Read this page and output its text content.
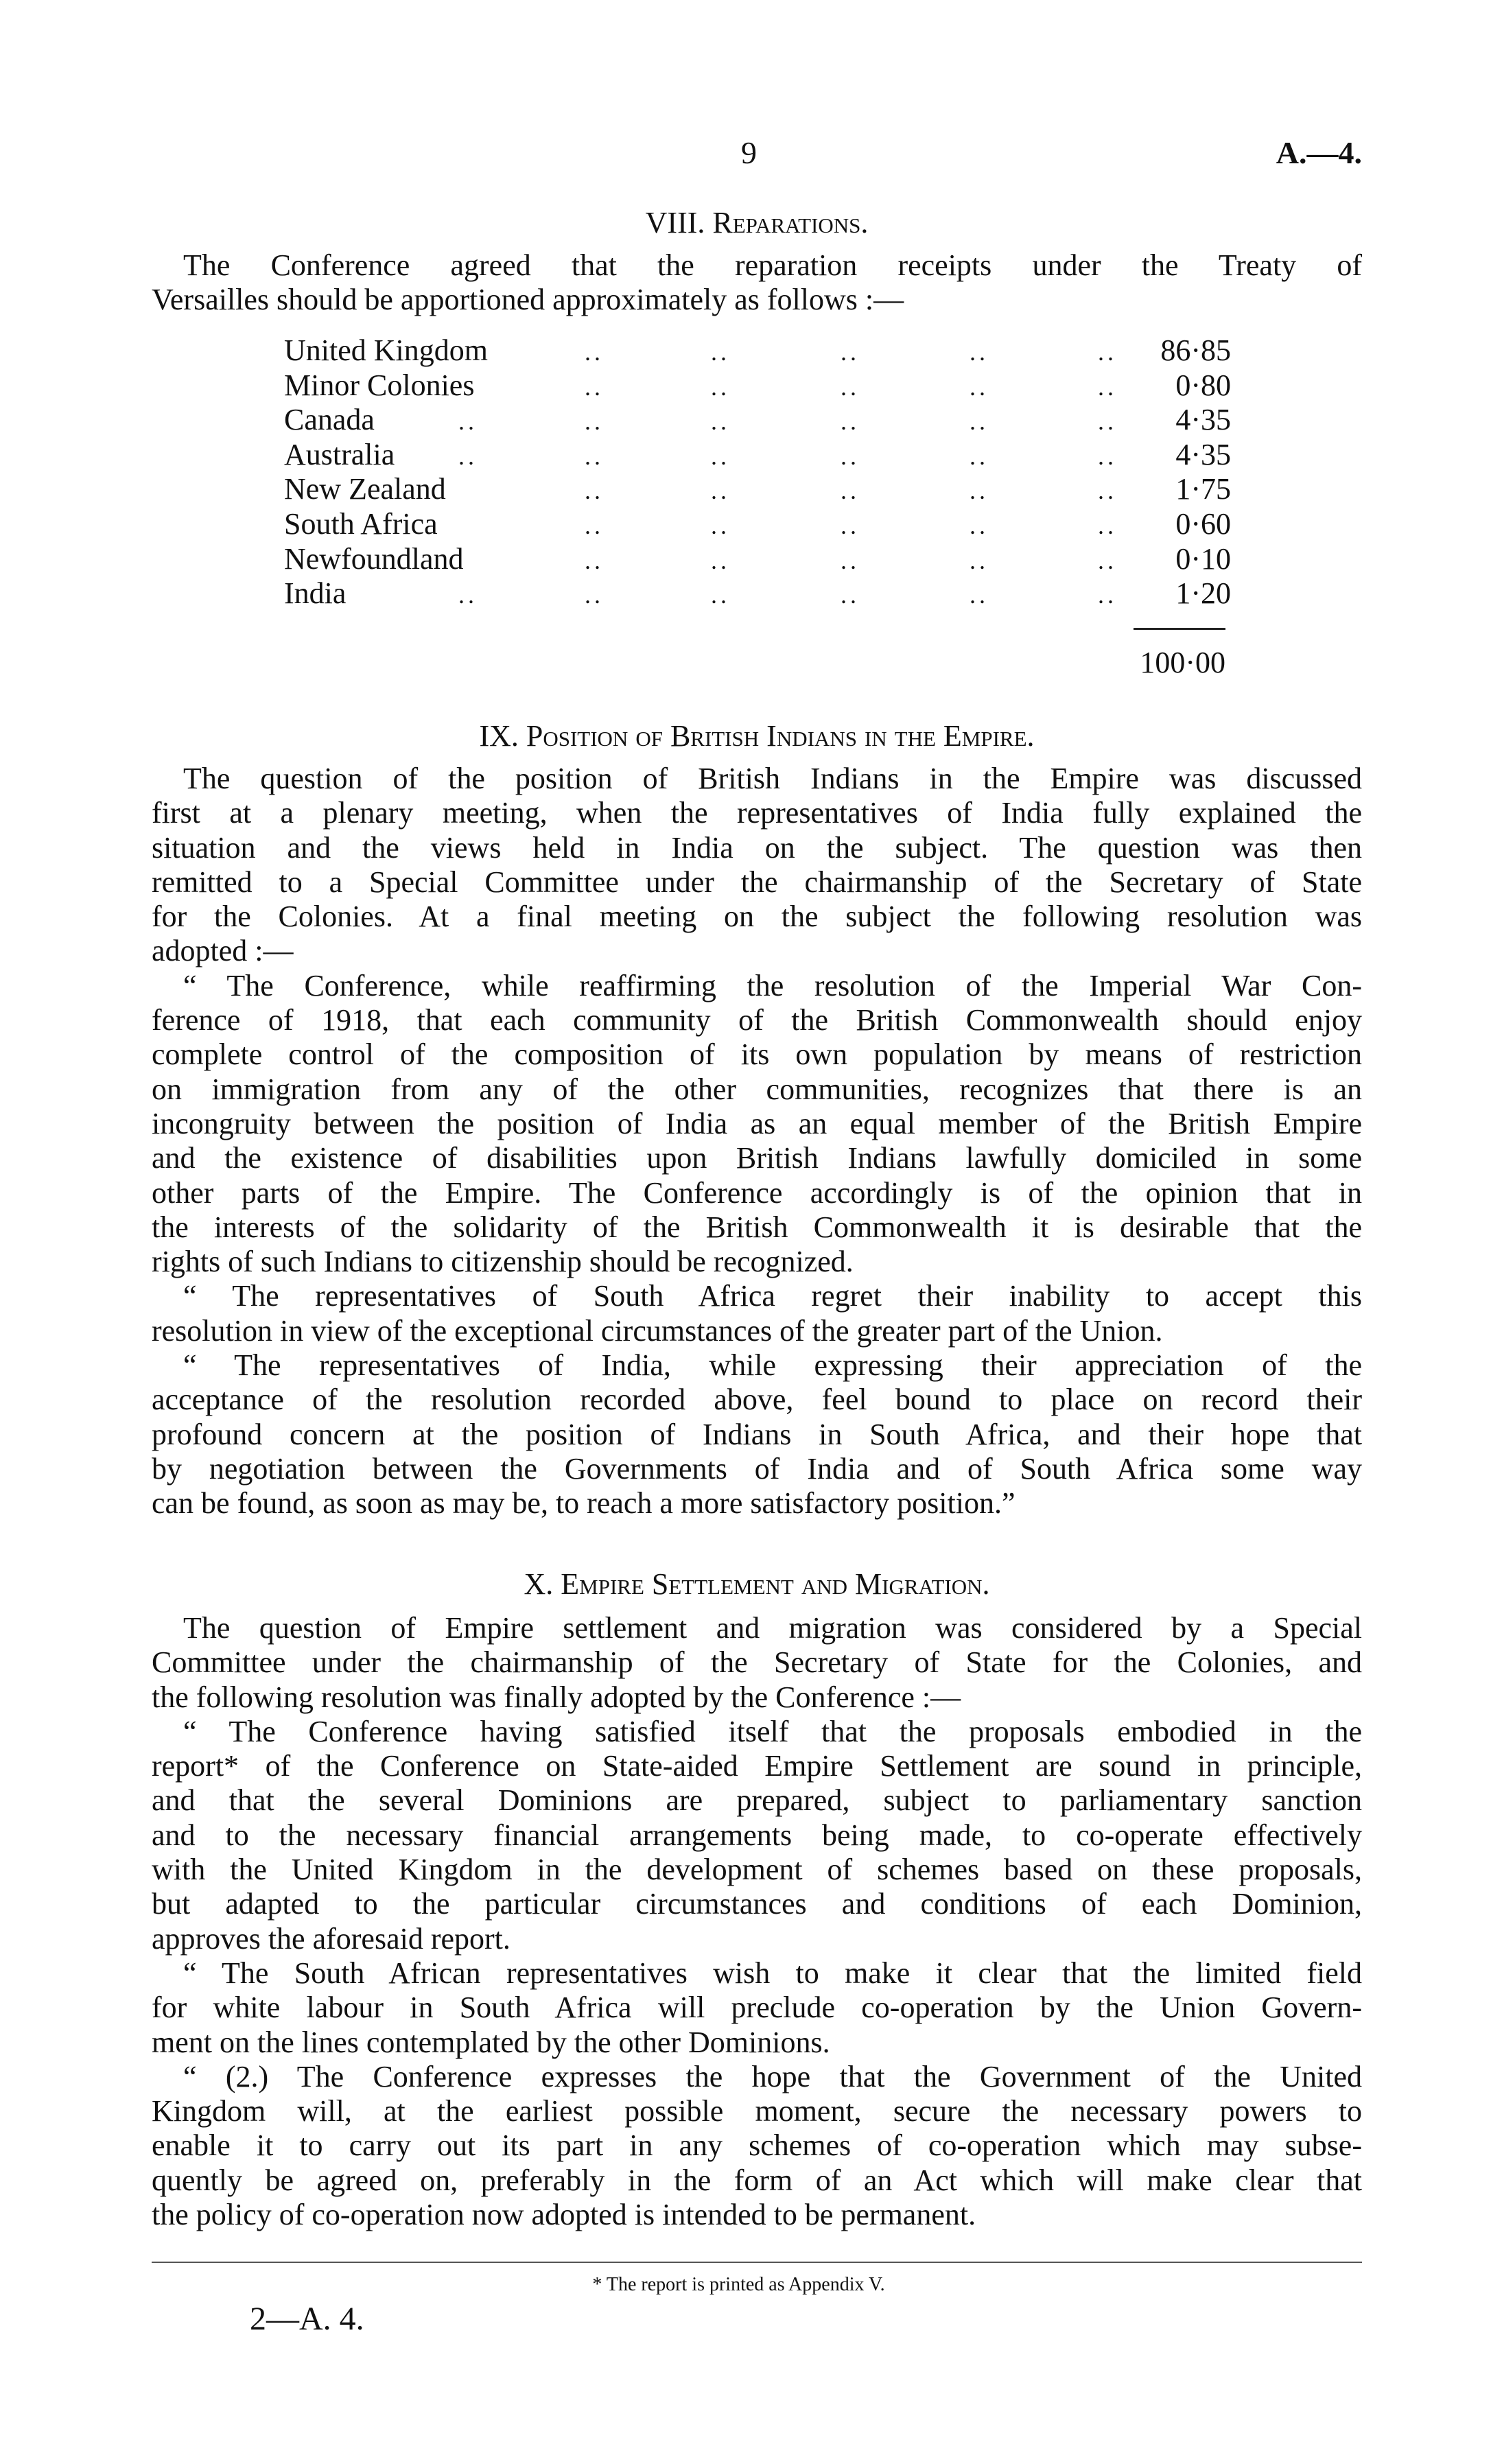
9	A.—4.
VIII. Reparations.
The Conference agreed that the reparation receipts under the Treaty of
Versailles should be apportioned approximately as follows :—
United Kingdom . . . . . . . . . .	86·85
Minor Colonies . . . . . . . . . .	0·80
Canada . . . . . . . . . . . .	4·35
Australia . . . . . . . . . . . .	4·35
New Zealand . . . . . . . . . .	1·75
South Africa . . . . . . . . . .	0·60
Newfoundland . . . . . . . . . .	0·10
India . . . . . . . . . . . .	1·20
100·00
IX. Position of British Indians in the Empire.
The question of the position of British Indians in the Empire was discussed
first at a plenary meeting, when the representatives of India fully explained the
situation and the views held in India on the subject. The question was then
remitted to a Special Committee under the chairmanship of the Secretary of State
for the Colonies. At a final meeting on the subject the following resolution was
adopted :—
“ The Conference, while reaffirming the resolution of the Imperial War Con-
ference of 1918, that each community of the British Commonwealth should enjoy
complete control of the composition of its own population by means of restriction
on immigration from any of the other communities, recognizes that there is an
incongruity between the position of India as an equal member of the British Empire
and the existence of disabilities upon British Indians lawfully domiciled in some
other parts of the Empire. The Conference accordingly is of the opinion that in
the interests of the solidarity of the British Commonwealth it is desirable that the
rights of such Indians to citizenship should be recognized.
“ The representatives of South Africa regret their inability to accept this
resolution in view of the exceptional circumstances of the greater part of the Union.
“ The representatives of India, while expressing their appreciation of the
acceptance of the resolution recorded above, feel bound to place on record their
profound concern at the position of Indians in South Africa, and their hope that
by negotiation between the Governments of India and of South Africa some way
can be found, as soon as may be, to reach a more satisfactory position.”
X. Empire Settlement and Migration.
The question of Empire settlement and migration was considered by a Special
Committee under the chairmanship of the Secretary of State for the Colonies, and
the following resolution was finally adopted by the Conference :—
“ The Conference having satisfied itself that the proposals embodied in the
report* of the Conference on State-aided Empire Settlement are sound in principle,
and that the several Dominions are prepared, subject to parliamentary sanction
and to the necessary financial arrangements being made, to co-operate effectively
with the United Kingdom in the development of schemes based on these proposals,
but adapted to the particular circumstances and conditions of each Dominion,
approves the aforesaid report.
“ The South African representatives wish to make it clear that the limited field
for white labour in South Africa will preclude co-operation by the Union Govern-
ment on the lines contemplated by the other Dominions.
“ (2.) The Conference expresses the hope that the Government of the United
Kingdom will, at the earliest possible moment, secure the necessary powers to
enable it to carry out its part in any schemes of co-operation which may subse-
quently be agreed on, preferably in the form of an Act which will make clear that
the policy of co-operation now adopted is intended to be permanent.
* The report is printed as Appendix V.
2—A. 4.
